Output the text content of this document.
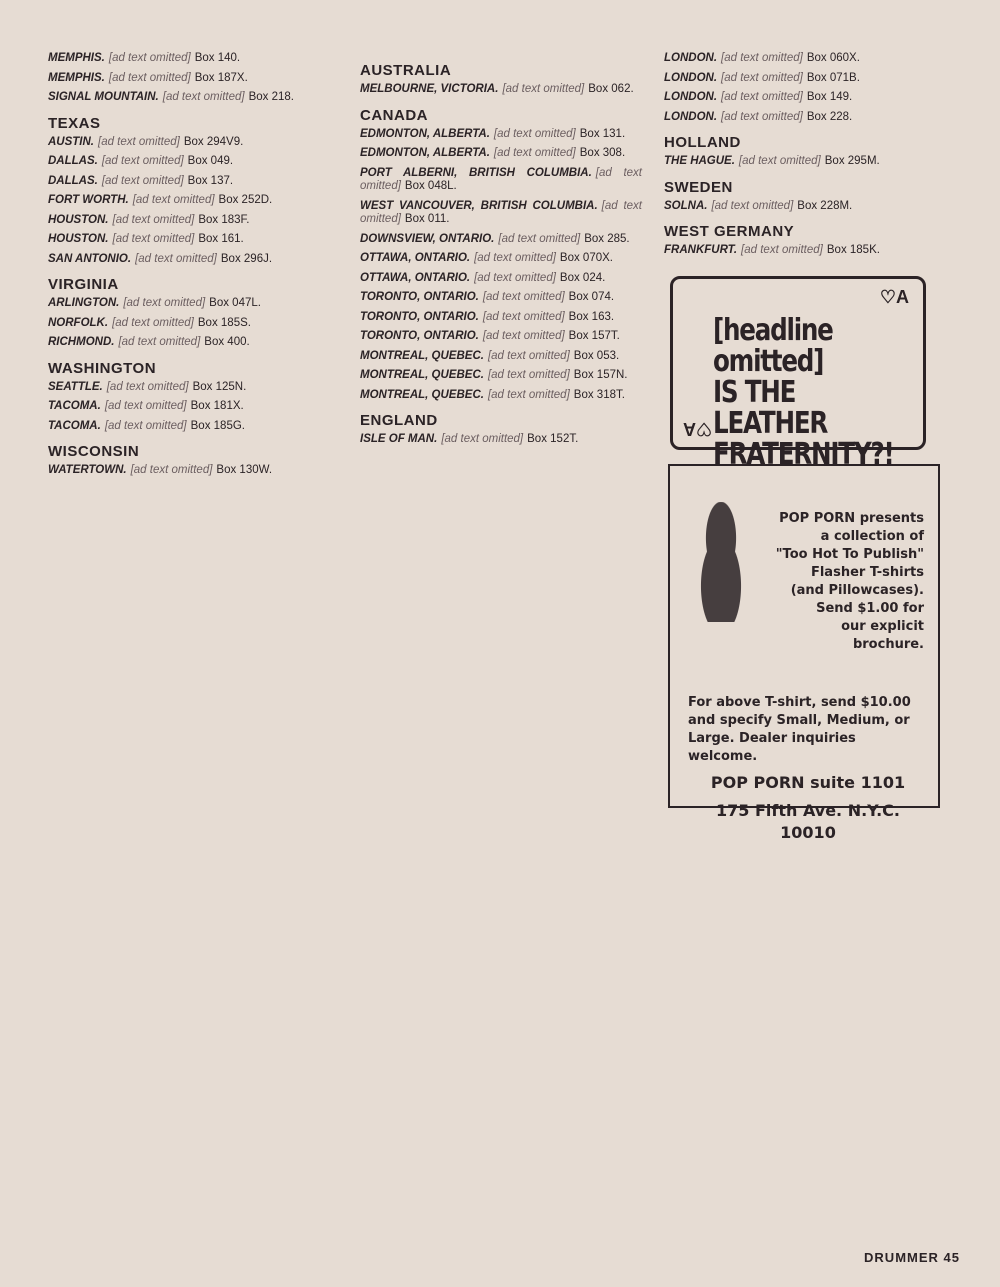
MEMPHIS. [ad text omitted] Box 140.
MEMPHIS. [ad text omitted] Box 187X.
SIGNAL MOUNTAIN. [ad text omitted] Box 218.
TEXAS
AUSTIN. [ad text omitted] Box 294V9.
DALLAS. [ad text omitted] Box 049.
DALLAS. [ad text omitted] Box 137.
FORT WORTH. [ad text omitted] Box 252D.
HOUSTON. [ad text omitted] Box 183F.
HOUSTON. [ad text omitted] Box 161.
SAN ANTONIO. [ad text omitted] Box 296J.
VIRGINIA
ARLINGTON. [ad text omitted] Box 047L.
NORFOLK. [ad text omitted] Box 185S.
RICHMOND. [ad text omitted] Box 400.
WASHINGTON
SEATTLE. [ad text omitted] Box 125N.
TACOMA. [ad text omitted] Box 181X.
TACOMA. [ad text omitted] Box 185G.
WISCONSIN
WATERTOWN. [ad text omitted] Box 130W.
AUSTRALIA
MELBOURNE, VICTORIA. [ad text omitted] Box 062.
CANADA
EDMONTON, ALBERTA. [ad text omitted] Box 131.
EDMONTON, ALBERTA. [ad text omitted] Box 308.
PORT ALBERNI, BRITISH COLUMBIA. [ad text omitted] Box 048L.
WEST VANCOUVER, BRITISH COLUMBIA. [ad text omitted] Box 011.
DOWNSVIEW, ONTARIO. [ad text omitted] Box 285.
OTTAWA, ONTARIO. [ad text omitted] Box 070X.
OTTAWA, ONTARIO. [ad text omitted] Box 024.
TORONTO, ONTARIO. [ad text omitted] Box 074.
TORONTO, ONTARIO. [ad text omitted] Box 163.
TORONTO, ONTARIO. [ad text omitted] Box 157T.
MONTREAL, QUEBEC. [ad text omitted] Box 053.
MONTREAL, QUEBEC. [ad text omitted] Box 157N.
MONTREAL, QUEBEC. [ad text omitted] Box 318T.
ENGLAND
ISLE OF MAN. [ad text omitted] Box 152T.
LONDON. [ad text omitted] Box 060X.
LONDON. [ad text omitted] Box 071B.
LONDON. [ad text omitted] Box 149.
LONDON. [ad text omitted] Box 228.
HOLLAND
THE HAGUE. [ad text omitted] Box 295M.
SWEDEN
SOLNA. [ad text omitted] Box 228M.
WEST GERMANY
FRANKFURT. [ad text omitted] Box 185K.
♡A
[headline omitted]
IS THE LEATHER
FRATERNITY?!
♡A
POP PORN presents
a collection of
"Too Hot To Publish"
Flasher T-shirts
(and Pillowcases).
Send $1.00 for
our explicit
brochure.
For above T-shirt, send $10.00 and specify Small, Medium, or Large. Dealer inquiries welcome.
POP PORN suite 1101
175 Fifth Ave. N.Y.C. 10010
DRUMMER 45
